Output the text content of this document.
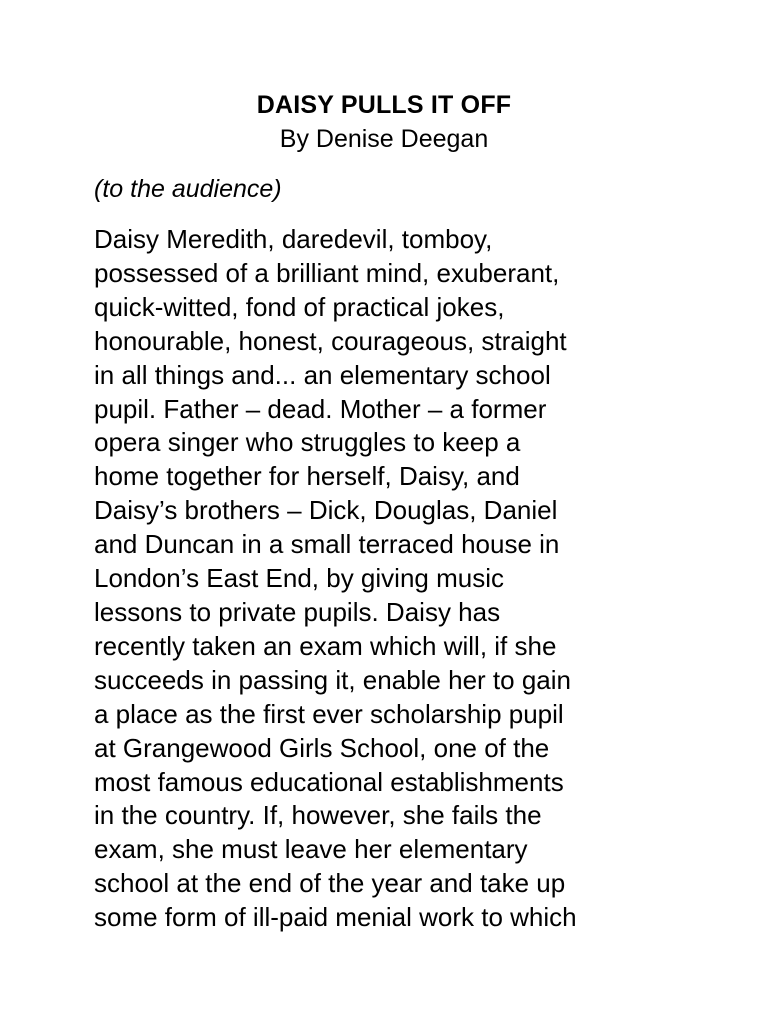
DAISY PULLS IT OFF
By Denise Deegan
(to the audience)
Daisy Meredith, daredevil, tomboy,
possessed of a brilliant mind, exuberant,
quick-witted, fond of practical jokes,
honourable, honest, courageous, straight
in all things and... an elementary school
pupil. Father – dead. Mother – a former
opera singer who struggles to keep a
home together for herself, Daisy, and
Daisy’s brothers – Dick, Douglas, Daniel
and Duncan in a small terraced house in
London’s East End, by giving music
lessons to private pupils. Daisy has
recently taken an exam which will, if she
succeeds in passing it, enable her to gain
a place as the first ever scholarship pupil
at Grangewood Girls School, one of the
most famous educational establishments
in the country. If, however, she fails the
exam, she must leave her elementary
school at the end of the year and take up
some form of ill-paid menial work to which
